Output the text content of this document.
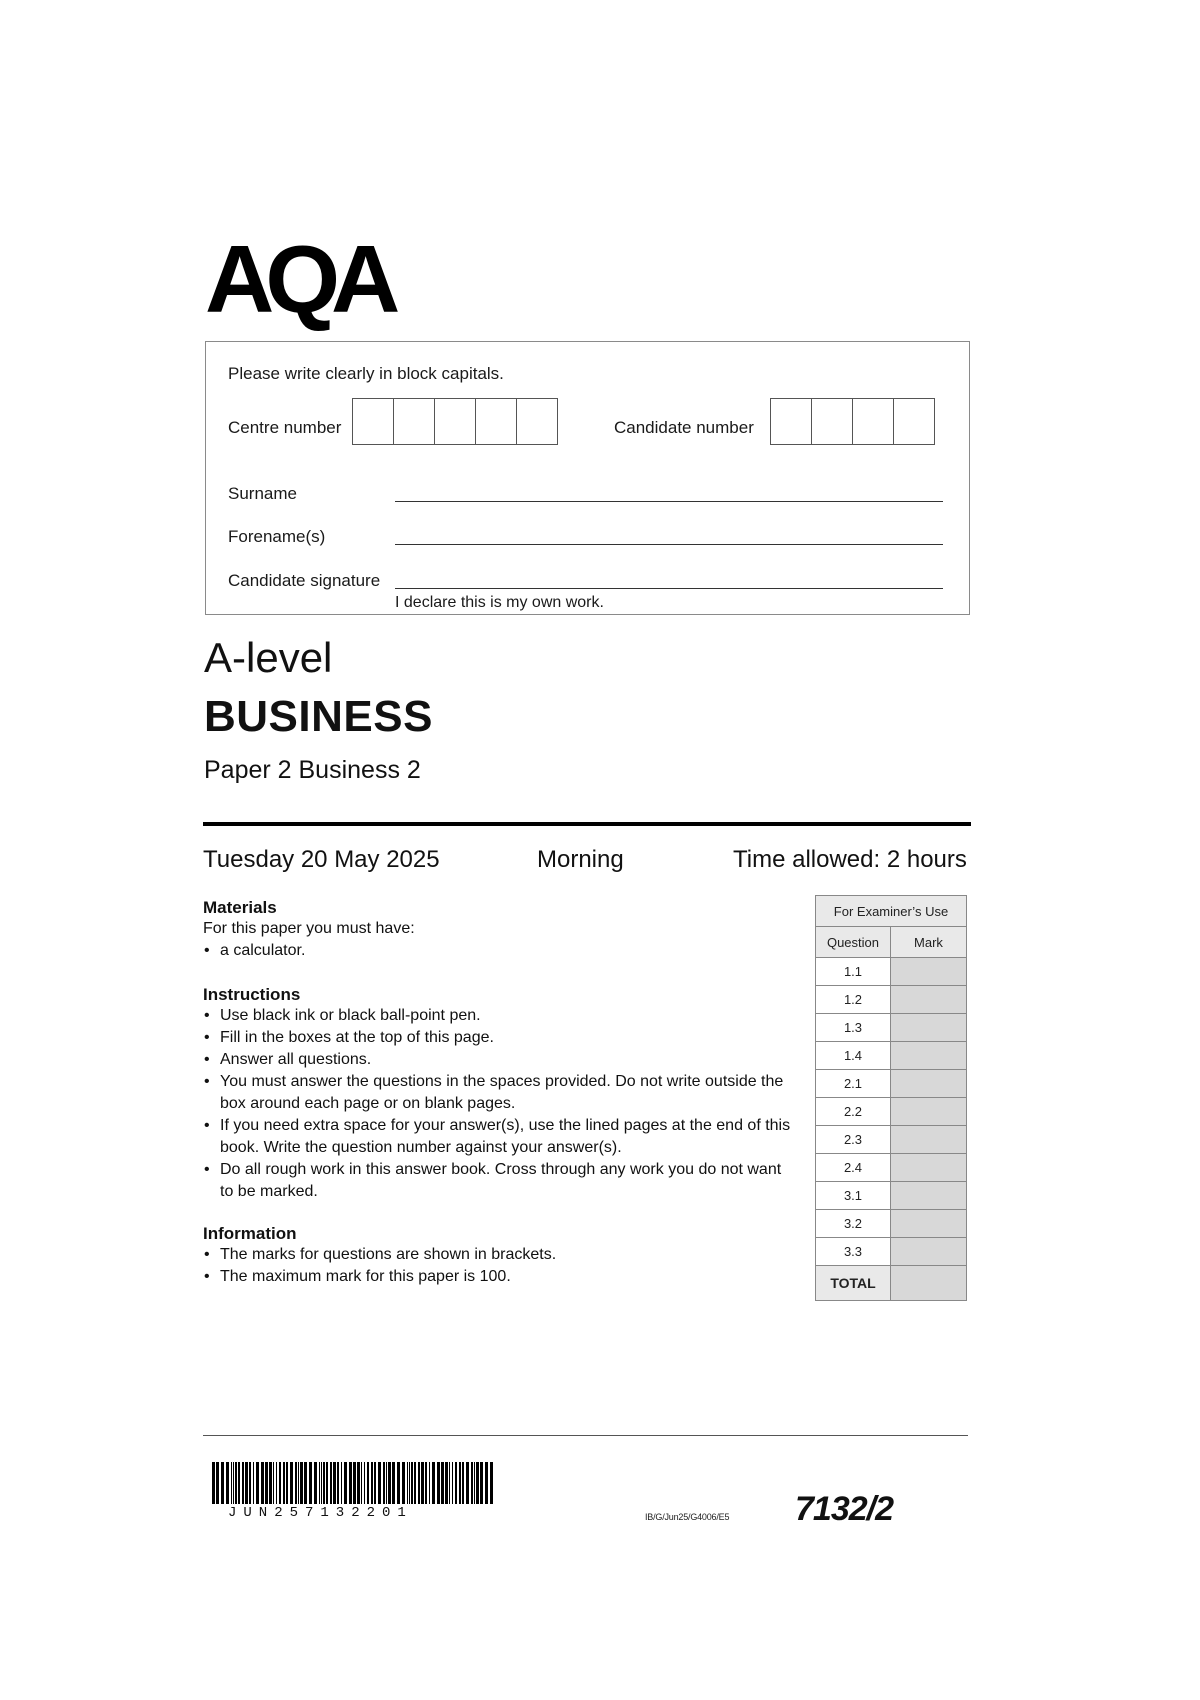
AQA
Please write clearly in block capitals.
Centre number	Candidate number
Surname
Forename(s)
Candidate signature
I declare this is my own work.
A-level
BUSINESS
Paper 2 Business 2
Tuesday 20 May 2025	Morning	Time allowed: 2 hours
Materials
For this paper you must have:
• a calculator.
Instructions
• Use black ink or black ball-point pen.
• Fill in the boxes at the top of this page.
• Answer all questions.
• You must answer the questions in the spaces provided. Do not write outside the box around each page or on blank pages.
• If you need extra space for your answer(s), use the lined pages at the end of this book. Write the question number against your answer(s).
• Do all rough work in this answer book. Cross through any work you do not want to be marked.
Information
• The marks for questions are shown in brackets.
• The maximum mark for this paper is 100.
For Examiner’s Use	
Question	Mark
1.1	
1.2	
1.3	
1.4	
2.1	
2.2	
2.3	
2.4	
3.1	
3.2	
3.3	
TOTAL	
JUN257132201	IB/G/Jun25/G4006/E5 7132/2
